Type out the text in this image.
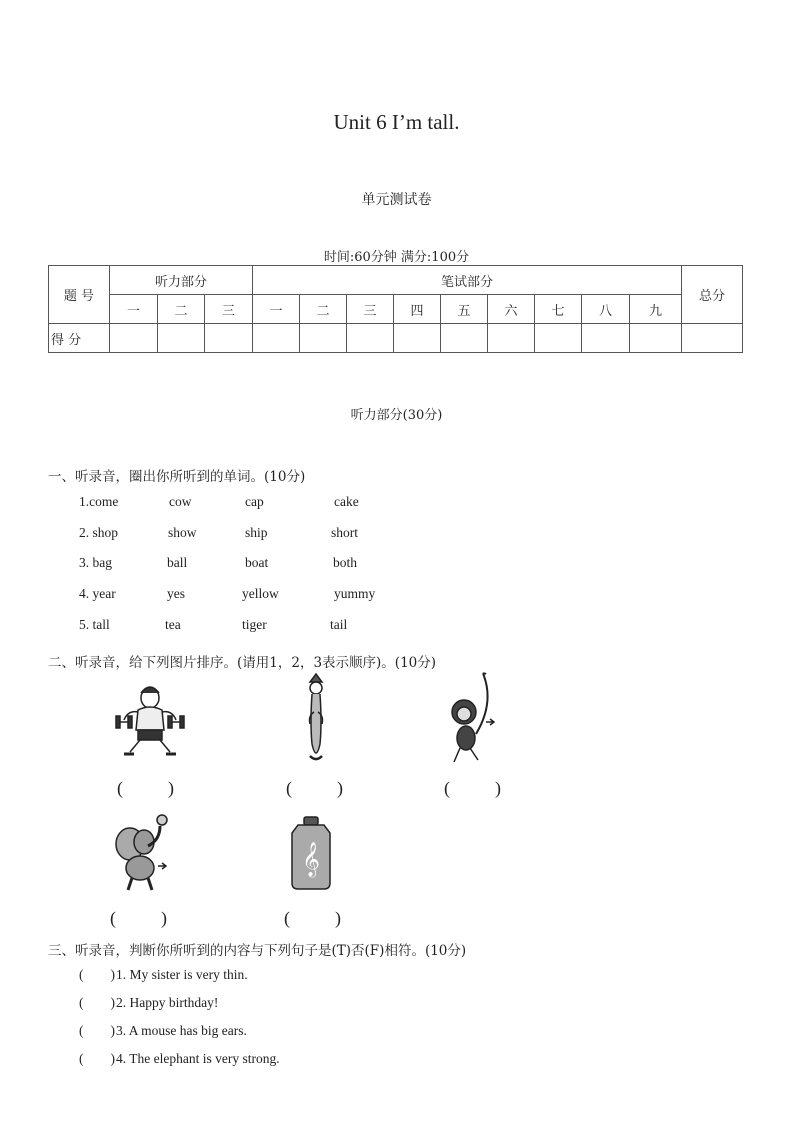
Unit 6 I’m tall.
单元测试卷
时间:60分钟 满分:100分
题 号	听力部分			笔试部分									总分
	一	二	三	一	二	三	四	五	六	七	八	九	
得 分													
听力部分(30分)
一、听录音，圈出你所听到的单词。(10分)
1.come	cow	cap	cake
2. shop	show	ship	short
3. bag	ball	boat	both
4. year	yes	yellow	yummy
5. tall	tea	tiger	tail
二、听录音，给下列图片排序。(请用1，2，3表示顺序)。(10分)
(          )	(          )	(          )
(          )
𝄞
(          )
三、听录音，判断你所听到的内容与下列句子是(T)否(F)相符。(10分)
(        ) 1. My sister is very thin.
(        ) 2. Happy birthday!
(        ) 3. A mouse has big ears.
(        ) 4. The elephant is very strong.
